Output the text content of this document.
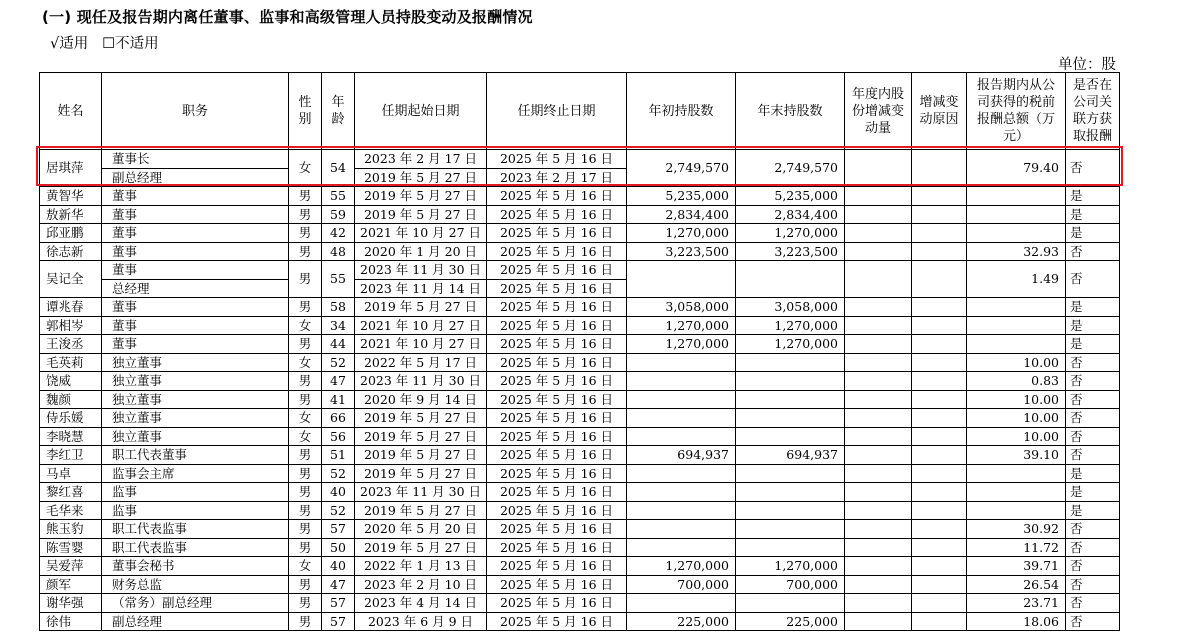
(一) 现任及报告期内离任董事、监事和高级管理人员持股变动及报酬情况
√适用 ☐不适用
单位：股
姓名	职务	性别	年龄	任期起始日期	任期终止日期	年初持股数	年末持股数	年度内股份增减变动量	增减变动原因	报告期内从公司获得的税前报酬总额（万元）	是否在公司关联方获取报酬
居琪萍	董事长	女	54	2023 年 2 月 17 日	2025 年 5 月 16 日	2,749,570	2,749,570			79.40	否
	副总经理			2019 年 5 月 27 日	2023 年 2 月 17 日						
黄智华	董事	男	55	2019 年 5 月 27 日	2025 年 5 月 16 日	5,235,000	5,235,000				是
敖新华	董事	男	59	2019 年 5 月 27 日	2025 年 5 月 16 日	2,834,400	2,834,400				是
邱亚鹏	董事	男	42	2021 年 10 月 27 日	2025 年 5 月 16 日	1,270,000	1,270,000				是
徐志新	董事	男	48	2020 年 1 月 20 日	2025 年 5 月 16 日	3,223,500	3,223,500			32.93	否
吴记全	董事	男	55	2023 年 11 月 30 日	2025 年 5 月 16 日					1.49	否
	总经理			2023 年 11 月 14 日	2025 年 5 月 16 日						
谭兆春	董事	男	58	2019 年 5 月 27 日	2025 年 5 月 16 日	3,058,000	3,058,000				是
郭相岑	董事	女	34	2021 年 10 月 27 日	2025 年 5 月 16 日	1,270,000	1,270,000				是
王浚丞	董事	男	44	2021 年 10 月 27 日	2025 年 5 月 16 日	1,270,000	1,270,000				是
毛英莉	独立董事	女	52	2022 年 5 月 17 日	2025 年 5 月 16 日					10.00	否
饶威	独立董事	男	47	2023 年 11 月 30 日	2025 年 5 月 16 日					0.83	否
魏颜	独立董事	男	41	2020 年 9 月 14 日	2025 年 5 月 16 日					10.00	否
侍乐媛	独立董事	女	66	2019 年 5 月 27 日	2025 年 5 月 16 日					10.00	否
李晓慧	独立董事	女	56	2019 年 5 月 27 日	2025 年 5 月 16 日					10.00	否
李红卫	职工代表董事	男	51	2019 年 5 月 27 日	2025 年 5 月 16 日	694,937	694,937			39.10	否
马卓	监事会主席	男	52	2019 年 5 月 27 日	2025 年 5 月 16 日						是
黎红喜	监事	男	40	2023 年 11 月 30 日	2025 年 5 月 16 日						是
毛华来	监事	男	52	2019 年 5 月 27 日	2025 年 5 月 16 日						是
熊玉豹	职工代表监事	男	57	2020 年 5 月 20 日	2025 年 5 月 16 日					30.92	否
陈雪婴	职工代表监事	男	50	2019 年 5 月 27 日	2025 年 5 月 16 日					11.72	否
吴爱萍	董事会秘书	女	40	2022 年 1 月 13 日	2025 年 5 月 16 日	1,270,000	1,270,000			39.71	否
颜军	财务总监	男	47	2023 年 2 月 10 日	2025 年 5 月 16 日	700,000	700,000			26.54	否
谢华强	（常务）副总经理	男	57	2023 年 4 月 14 日	2025 年 5 月 16 日					23.71	否
徐伟	副总经理	男	57	2023 年 6 月 9 日	2025 年 5 月 16 日	225,000	225,000			18.06	否
